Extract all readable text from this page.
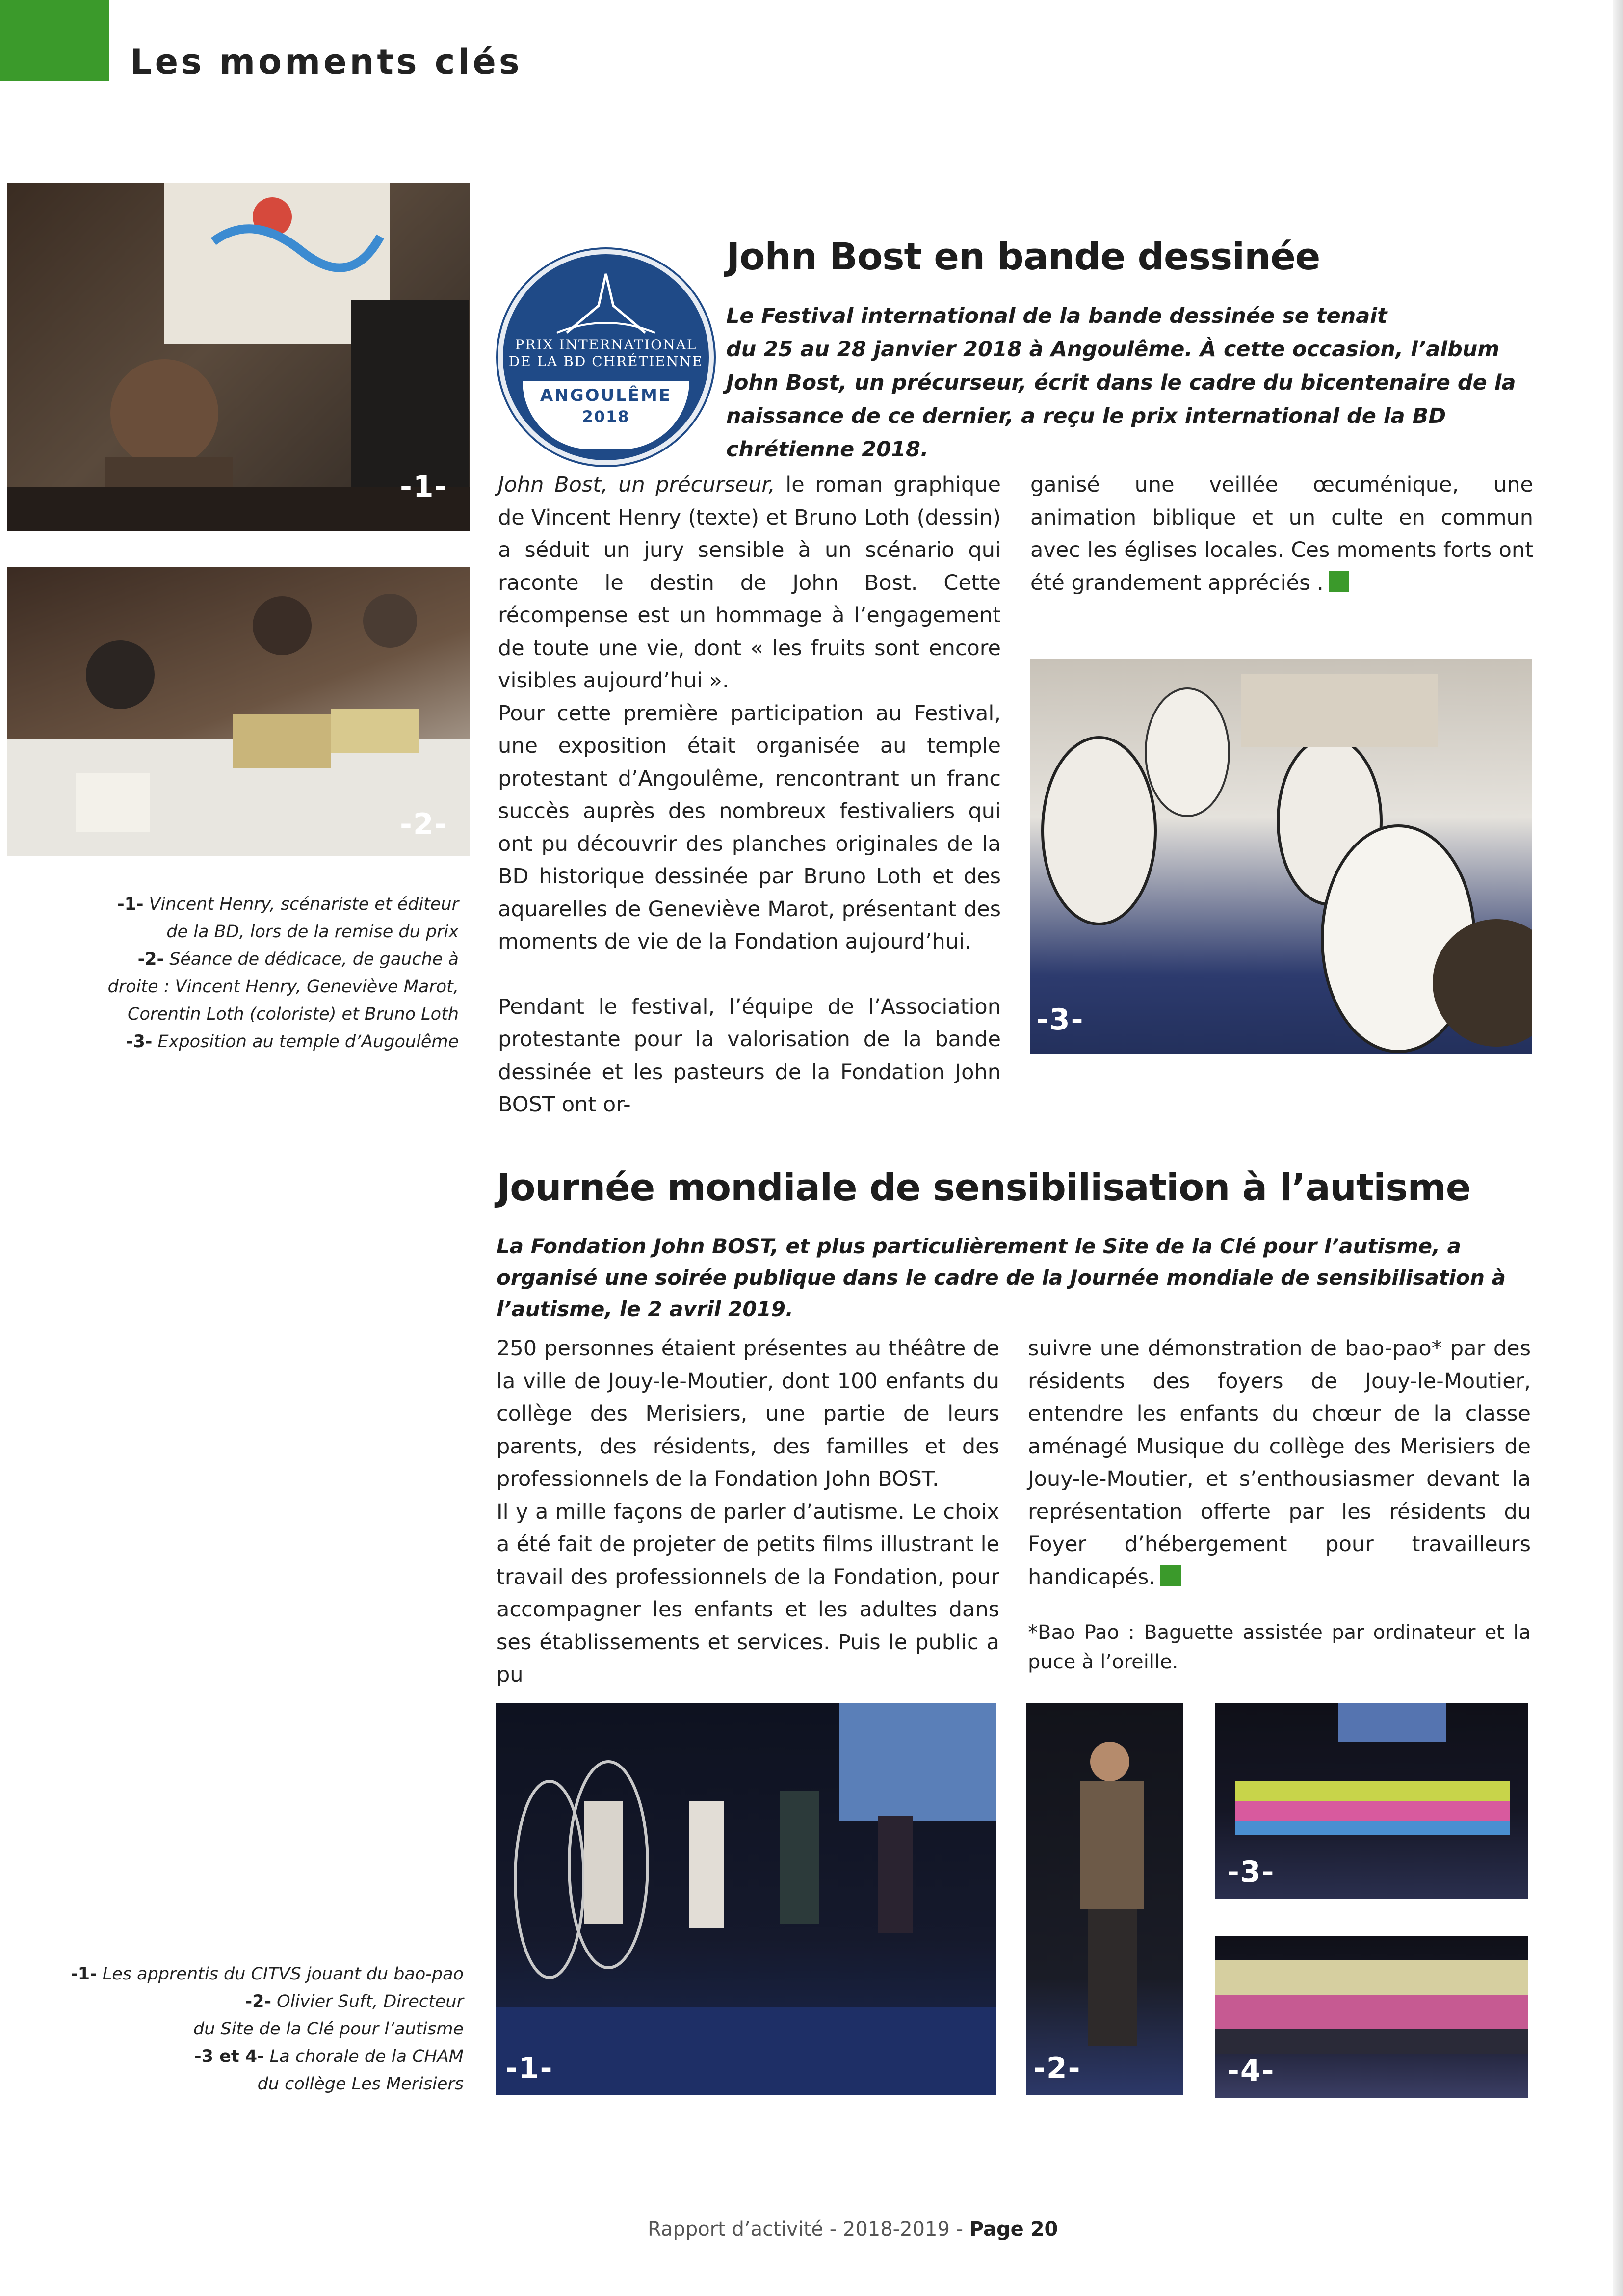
Les moments clés
-1-
-2-
-1- Vincent Henry, scénariste et éditeur
de la BD, lors de la remise du prix
-2- Séance de dédicace, de gauche à
droite : Vincent Henry, Geneviève Marot,
Corentin Loth (coloriste) et Bruno Loth
-3- Exposition au temple d’Augoulême
PRIX INTERNATIONAL
DE LA BD CHRÉTIENNE
ANGOULÊME
2018
John Bost en bande dessinée
Le Festival international de la bande dessinée se tenait
du 25 au 28 janvier 2018 à Angoulême. À cette occasion, l’album John Bost, un précurseur, écrit dans le cadre du bicentenaire de la naissance de ce dernier, a reçu le prix international de la BD chrétienne 2018.

John Bost, un précurseur, le roman graphique de Vincent Henry (texte) et Bruno Loth (dessin) a séduit un jury sensible à un scénario qui raconte le destin de John Bost. Cette récompense est un hommage à l’engagement de toute une vie, dont « les fruits sont encore visibles aujourd’hui ».

Pour cette première participation au Festival, une exposition était organisée au temple protestant d’Angoulême, rencontrant un franc succès auprès des nombreux festivaliers qui ont pu découvrir des planches originales de la BD historique dessinée par Bruno Loth et des aquarelles de Geneviève Marot, présentant des moments de vie de la Fondation aujourd’hui.

Pendant le festival, l’équipe de l’Association protestante pour la valorisation de la bande dessinée et les pasteurs de la Fondation John BOST ont or-

ganisé une veillée œcuménique, une animation biblique et un culte en commun avec les églises locales. Ces moments forts ont été grandement appréciés .

-3-
Journée mondiale de sensibilisation à l’autisme
La Fondation John BOST, et plus particulièrement le Site de la Clé pour l’autisme, a organisé une soirée publique dans le cadre de la Journée mondiale de sensibilisation à l’autisme, le 2 avril 2019.

250 personnes étaient présentes au théâtre de la ville de Jouy-le-Moutier, dont 100 enfants du collège des Merisiers, une partie de leurs parents, des résidents, des familles et des professionnels de la Fondation John BOST.

Il y a mille façons de parler d’autisme. Le choix a été fait de projeter de petits films illustrant le travail des professionnels de la Fondation, pour accompagner les enfants et les adultes dans ses établissements et services. Puis le public a pu

suivre une démonstration de bao-pao* par des résidents des foyers de Jouy-le-Moutier, entendre les enfants du chœur de la classe aménagé Musique du collège des Merisiers de Jouy-le-Moutier, et s’enthousiasmer devant la représentation offerte par les résidents du Foyer d’hébergement pour travailleurs handicapés.

*Bao Pao : Baguette assistée par ordinateur et la puce à l’oreille.

-1-	-2-
-3-
-4-
-1- Les apprentis du CITVS jouant du bao-pao
-2- Olivier Suft, Directeur
du Site de la Clé pour l’autisme
-3 et 4- La chorale de la CHAM
du collège Les Merisiers
Rapport d’activité - 2018-2019 - Page 20
